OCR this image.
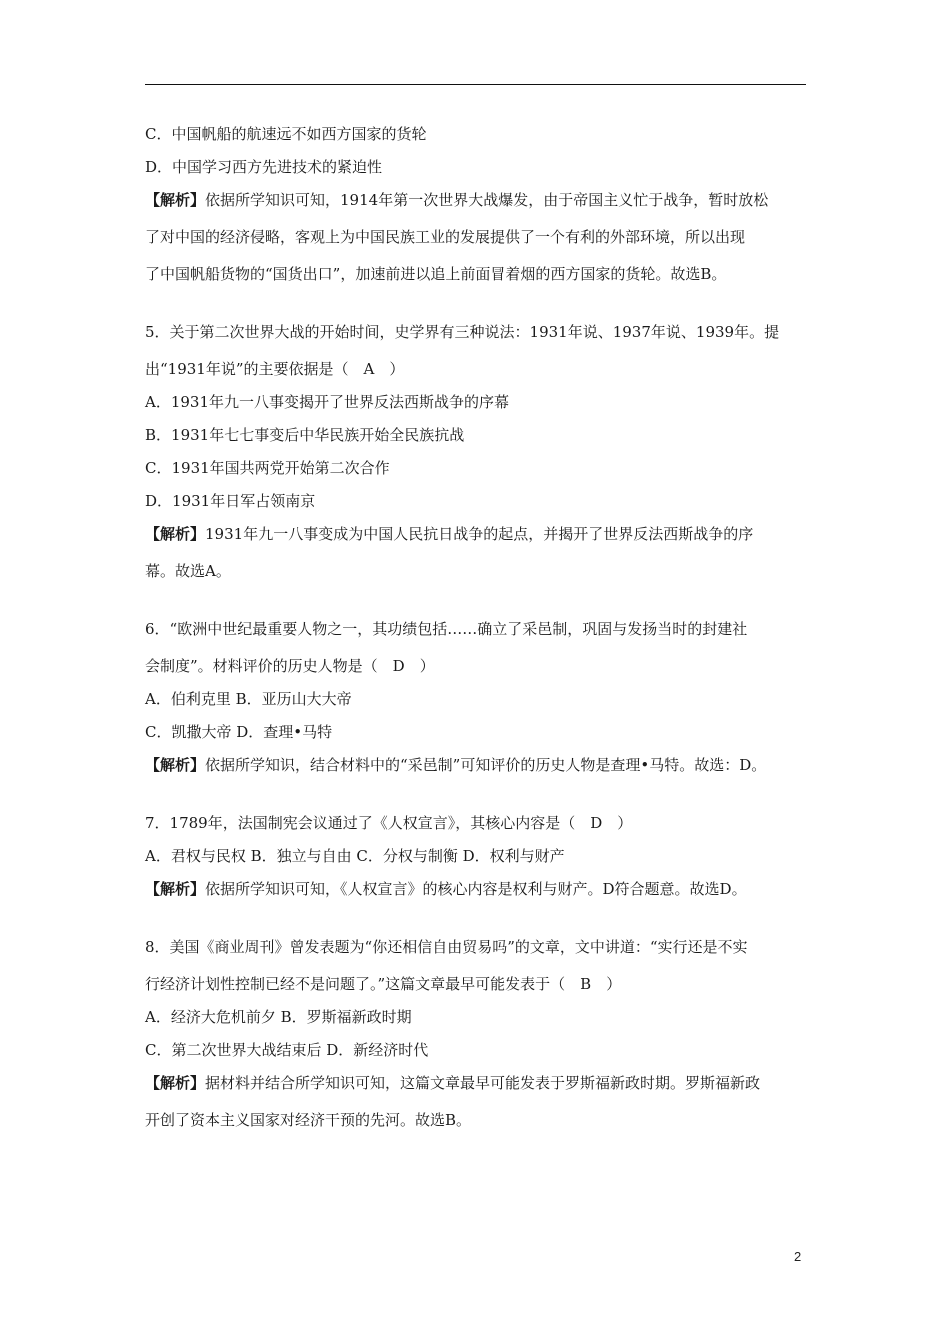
C．中国帆船的航速远不如西方国家的货轮
D．中国学习西方先进技术的紧迫性
【解析】依据所学知识可知，1914年第一次世界大战爆发，由于帝国主义忙于战争，暂时放松
了对中国的经济侵略，客观上为中国民族工业的发展提供了一个有利的外部环境，所以出现
了中国帆船货物的“国货出口”，加速前进以追上前面冒着烟的西方国家的货轮。故选B。
5．关于第二次世界大战的开始时间，史学界有三种说法：1931年说、1937年说、1939年。提
出“1931年说”的主要依据是（　A　）
A．1931年九一八事变揭开了世界反法西斯战争的序幕
B．1931年七七事变后中华民族开始全民族抗战
C．1931年国共两党开始第二次合作
D．1931年日军占领南京
【解析】1931年九一八事变成为中国人民抗日战争的起点，并揭开了世界反法西斯战争的序
幕。故选A。
6．“欧洲中世纪最重要人物之一，其功绩包括……确立了采邑制，巩固与发扬当时的封建社
会制度”。材料评价的历史人物是（　D　）
A．伯利克里 B．亚历山大大帝
C．凯撒大帝 D．查理•马特
【解析】依据所学知识，结合材料中的“采邑制”可知评价的历史人物是查理•马特。故选：D。
7．1789年，法国制宪会议通过了《人权宣言》，其核心内容是（　D　）
A．君权与民权 B．独立与自由 C．分权与制衡 D．权利与财产
【解析】依据所学知识可知，《人权宣言》的核心内容是权利与财产。D符合题意。故选D。
8．美国《商业周刊》曾发表题为“你还相信自由贸易吗”的文章，文中讲道：“实行还是不实
行经济计划性控制已经不是问题了。”这篇文章最早可能发表于（　B　）
A．经济大危机前夕 B．罗斯福新政时期
C．第二次世界大战结束后 D．新经济时代
【解析】据材料并结合所学知识可知，这篇文章最早可能发表于罗斯福新政时期。罗斯福新政
开创了资本主义国家对经济干预的先河。故选B。
2
